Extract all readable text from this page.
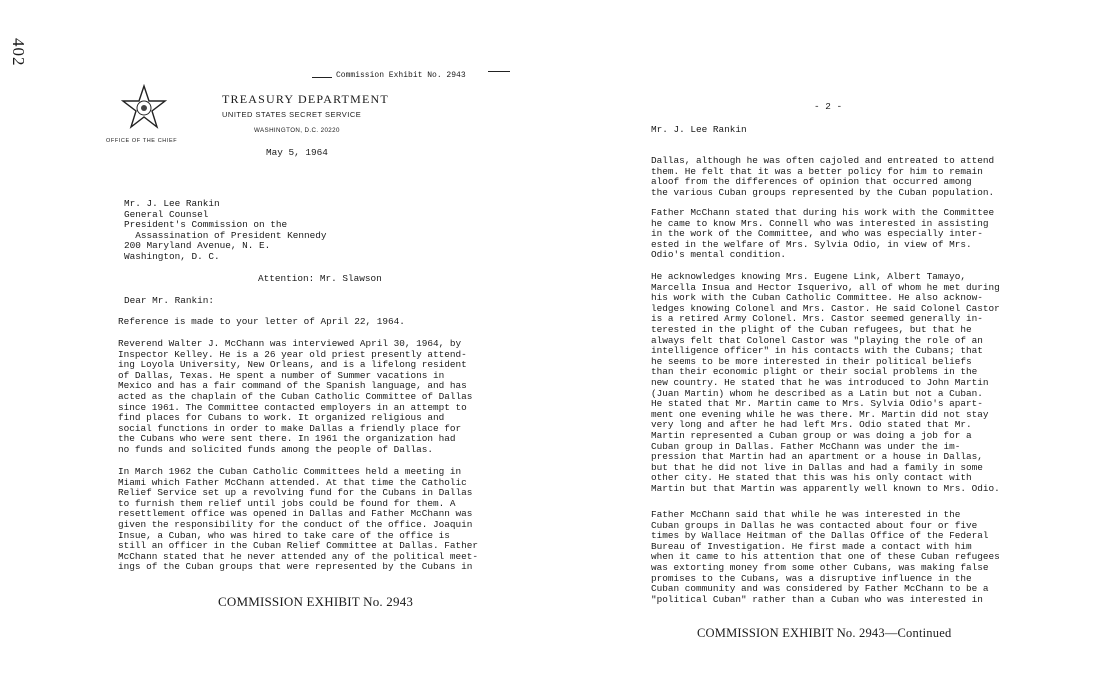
402
Commission Exhibit No. 2943
OFFICE OF THE CHIEF
TREASURY DEPARTMENT
UNITED STATES SECRET SERVICE
WASHINGTON, D.C. 20220
May 5, 1964
Mr. J. Lee Rankin
General Counsel
President's Commission on the
Assassination of President Kennedy
200 Maryland Avenue, N. E.
Washington, D. C.
Attention: Mr. Slawson
Dear Mr. Rankin:

Reference is made to your letter of April 22, 1964.

Reverend Walter J. McChann was interviewed April 30, 1964, by
Inspector Kelley. He is a 26 year old priest presently attend-
ing Loyola University, New Orleans, and is a lifelong resident
of Dallas, Texas. He spent a number of Summer vacations in
Mexico and has a fair command of the Spanish language, and has
acted as the chaplain of the Cuban Catholic Committee of Dallas
since 1961. The Committee contacted employers in an attempt to
find places for Cubans to work. It organized religious and
social functions in order to make Dallas a friendly place for
the Cubans who were sent there. In 1961 the organization had
no funds and solicited funds among the people of Dallas.

In March 1962 the Cuban Catholic Committees held a meeting in
Miami which Father McChann attended. At that time the Catholic
Relief Service set up a revolving fund for the Cubans in Dallas
to furnish them relief until jobs could be found for them. A
resettlement office was opened in Dallas and Father McChann was
given the responsibility for the conduct of the office. Joaquin
Insue, a Cuban, who was hired to take care of the office is
still an officer in the Cuban Relief Committee at Dallas. Father
McChann stated that he never attended any of the political meet-
ings of the Cuban groups that were represented by the Cubans in

COMMISSION EXHIBIT No. 2943
- 2 -
Mr. J. Lee Rankin

Dallas, although he was often cajoled and entreated to attend
them. He felt that it was a better policy for him to remain
aloof from the differences of opinion that occurred among
the various Cuban groups represented by the Cuban population.

Father McChann stated that during his work with the Committee
he came to know Mrs. Connell who was interested in assisting
in the work of the Committee, and who was especially inter-
ested in the welfare of Mrs. Sylvia Odio, in view of Mrs.
Odio's mental condition.

He acknowledges knowing Mrs. Eugene Link, Albert Tamayo,
Marcella Insua and Hector Isquerivo, all of whom he met during
his work with the Cuban Catholic Committee. He also acknow-
ledges knowing Colonel and Mrs. Castor. He said Colonel Castor
is a retired Army Colonel. Mrs. Castor seemed generally in-
terested in the plight of the Cuban refugees, but that he
always felt that Colonel Castor was "playing the role of an
intelligence officer" in his contacts with the Cubans; that
he seems to be more interested in their political beliefs
than their economic plight or their social problems in the
new country. He stated that he was introduced to John Martin
(Juan Martin) whom he described as a Latin but not a Cuban.
He stated that Mr. Martin came to Mrs. Sylvia Odio's apart-
ment one evening while he was there. Mr. Martin did not stay
very long and after he had left Mrs. Odio stated that Mr.
Martin represented a Cuban group or was doing a job for a
Cuban group in Dallas. Father McChann was under the im-
pression that Martin had an apartment or a house in Dallas,
but that he did not live in Dallas and had a family in some
other city. He stated that this was his only contact with
Martin but that Martin was apparently well known to Mrs. Odio.

Father McChann said that while he was interested in the
Cuban groups in Dallas he was contacted about four or five
times by Wallace Heitman of the Dallas Office of the Federal
Bureau of Investigation. He first made a contact with him
when it came to his attention that one of these Cuban refugees
was extorting money from some other Cubans, was making false
promises to the Cubans, was a disruptive influence in the
Cuban community and was considered by Father McChann to be a
"political Cuban" rather than a Cuban who was interested in

COMMISSION EXHIBIT No. 2943—Continued
